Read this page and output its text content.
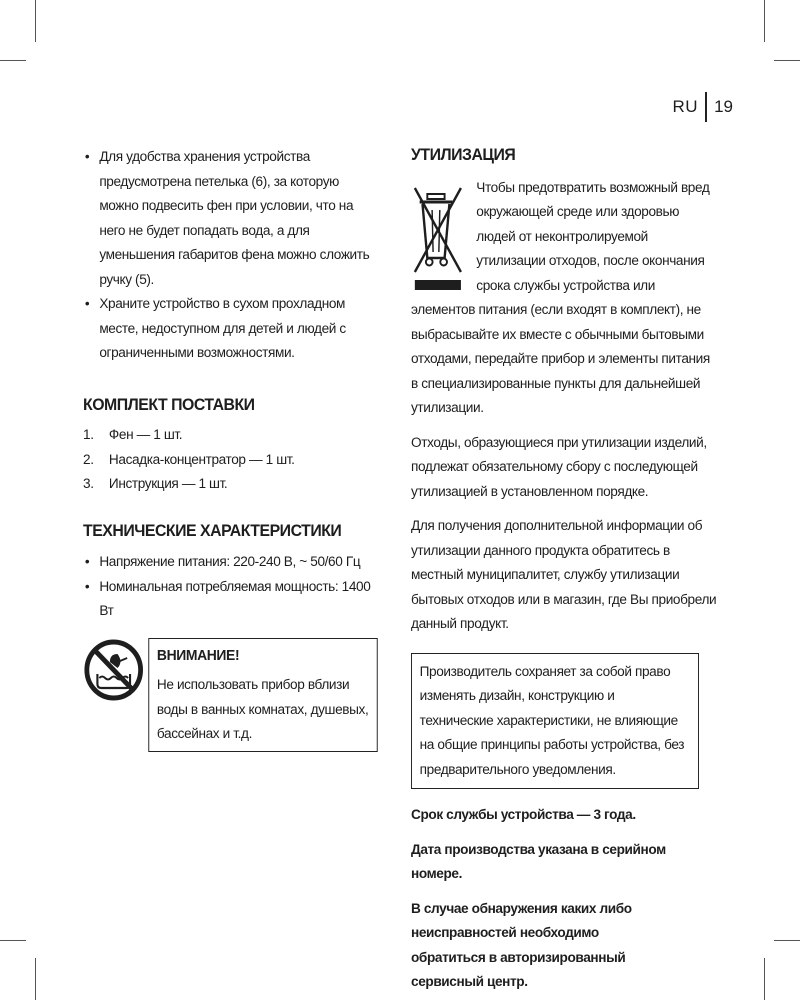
RU 19
• Для удобства хранения устройства предусмотрена петелька (6), за которую можно подвесить фен при условии, что на него не будет попадать вода, а для уменьшения габаритов фена можно сложить ручку (5).
• Храните устройство в сухом прохладном месте, недоступном для детей и людей с ограниченными возможностями.
КОМПЛЕКТ ПОСТАВКИ
1.	Фен — 1 шт.
2.	Насадка-концентратор — 1 шт.
3.	Инструкция — 1 шт.
ТЕХНИЧЕСКИЕ ХАРАКТЕРИСТИКИ
• Напряжение питания: 220-240 В, ~ 50/60 Гц
• Номинальная потребляемая мощность: 1400 Вт
ВНИМАНИЕ!
Не использовать прибор вблизи воды в ванных комнатах, душевых, бассейнах и т.д.
УТИЛИЗАЦИЯ

Чтобы предотвратить возможный вред окружающей среде или здоровью людей от неконтролируемой утилизации отходов, после окончания срока службы устройства или элементов питания (если входят в комплект), не выбрасывайте их вместе с обычными бытовыми отходами, передайте прибор и элементы питания в специализированные пункты для дальнейшей утилизации.

Отходы, образующиеся при утилизации изделий, подлежат обязательному сбору с последующей утилизацией в установленном порядке.

Для получения дополнительной информации об утилизации данного продукта обратитесь в местный муниципалитет, службу утилизации бытовых отходов или в магазин, где Вы приобрели данный продукт.

Производитель сохраняет за собой право изменять дизайн, конструкцию и технические характеристики, не влияющие на общие принципы работы устройства, без предварительного уведомления.

Срок службы устройства — 3 года.

Дата производства указана в серийном номере.

В случае обнаружения каких либо неисправностей необходимо обратиться в авторизированный сервисный центр.
